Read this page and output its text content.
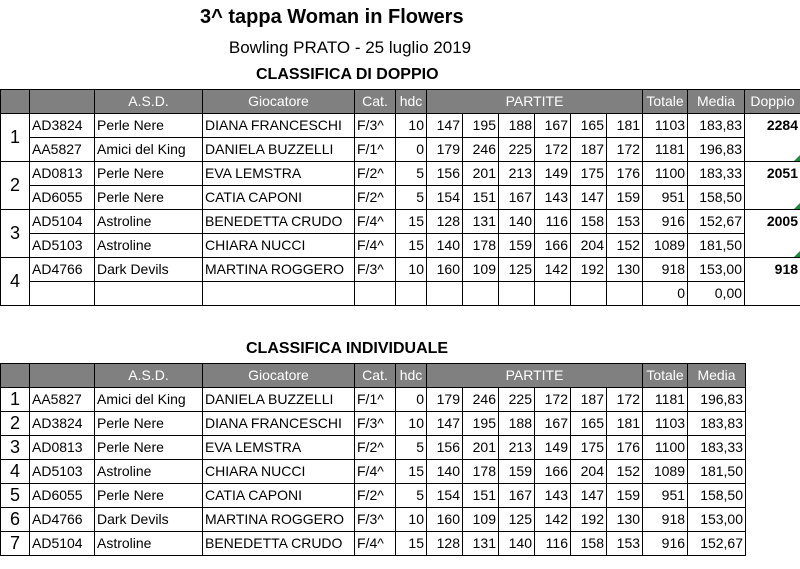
3^ tappa Woman in Flowers
Bowling PRATO - 25 luglio 2019
CLASSIFICA DI DOPPIO
		A.S.D.	Giocatore	Cat.	hdc	PARTITE						Totale	Media	Doppio
1	AD3824	Perle Nere	DIANA FRANCESCHI	F/3^	10	147	195	188	167	165	181	1103	183,83	2284

	AA5827	Amici del King	DANIELA BUZZELLI	F/1^	0	179	246	225	172	187	172	1181	196,83	
2	AD0813	Perle Nere	EVA LEMSTRA	F/2^	5	156	201	213	149	175	176	1100	183,33	2051

	AD6055	Perle Nere	CATIA CAPONI	F/2^	5	154	151	167	143	147	159	951	158,50	
3	AD5104	Astroline	BENEDETTA CRUDO	F/4^	15	128	131	140	116	158	153	916	152,67	2005

	AD5103	Astroline	CHIARA NUCCI	F/4^	15	140	178	159	166	204	152	1089	181,50	
4	AD4766	Dark Devils	MARTINA ROGGERO	F/3^	10	160	109	125	142	192	130	918	153,00	918
												0	0,00	
CLASSIFICA INDIVIDUALE
		A.S.D.	Giocatore	Cat.	hdc	PARTITE						Totale	Media
1	AA5827	Amici del King	DANIELA BUZZELLI	F/1^	0	179	246	225	172	187	172	1181	196,83
2	AD3824	Perle Nere	DIANA FRANCESCHI	F/3^	10	147	195	188	167	165	181	1103	183,83
3	AD0813	Perle Nere	EVA LEMSTRA	F/2^	5	156	201	213	149	175	176	1100	183,33
4	AD5103	Astroline	CHIARA NUCCI	F/4^	15	140	178	159	166	204	152	1089	181,50
5	AD6055	Perle Nere	CATIA CAPONI	F/2^	5	154	151	167	143	147	159	951	158,50
6	AD4766	Dark Devils	MARTINA ROGGERO	F/3^	10	160	109	125	142	192	130	918	153,00
7	AD5104	Astroline	BENEDETTA CRUDO	F/4^	15	128	131	140	116	158	153	916	152,67
